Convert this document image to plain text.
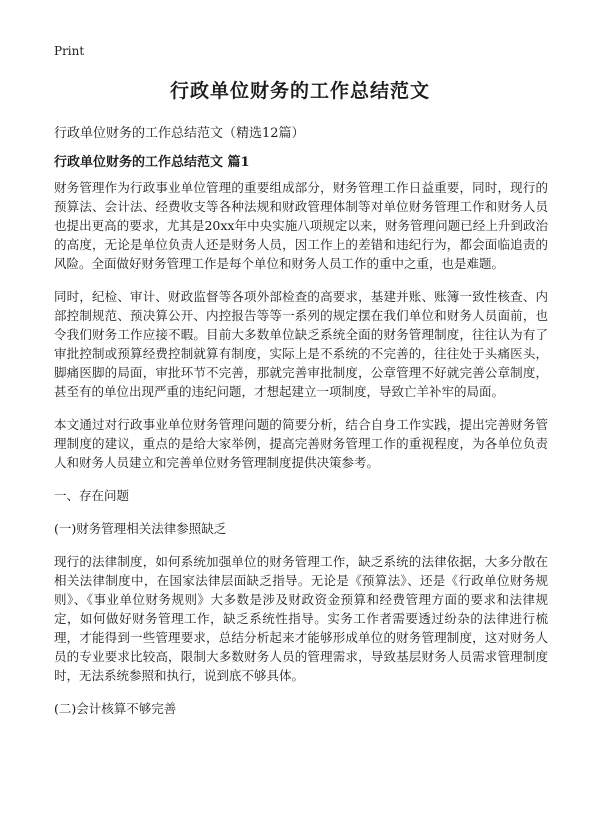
Print
行政单位财务的工作总结范文

行政单位财务的工作总结范文（精选12篇）

行政单位财务的工作总结范文 篇1

财务管理作为行政事业单位管理的重要组成部分，财务管理工作日益重要，同时，现行的预算法、会计法、经费收支等各种法规和财政管理体制等对单位财务管理工作和财务人员也提出更高的要求，尤其是20xx年中央实施八项规定以来，财务管理问题已经上升到政治的高度，无论是单位负责人还是财务人员，因工作上的差错和违纪行为，都会面临追责的风险。全面做好财务管理工作是每个单位和财务人员工作的重中之重，也是难题。

同时，纪检、审计、财政监督等各项外部检查的高要求，基建并账、账簿一致性核查、内部控制规范、预决算公开、内控报告等等一系列的规定摆在我们单位和财务人员面前，也令我们财务工作应接不暇。目前大多数单位缺乏系统全面的财务管理制度，往往认为有了审批控制或预算经费控制就算有制度，实际上是不系统的不完善的，往往处于头痛医头，脚痛医脚的局面，审批环节不完善，那就完善审批制度，公章管理不好就完善公章制度，甚至有的单位出现严重的违纪问题，才想起建立一项制度，导致亡羊补牢的局面。

本文通过对行政事业单位财务管理问题的简要分析，结合自身工作实践，提出完善财务管理制度的建议，重点的是给大家举例，提高完善财务管理工作的重视程度，为各单位负责人和财务人员建立和完善单位财务管理制度提供决策参考。

一、存在问题

(一)财务管理相关法律参照缺乏

现行的法律制度，如何系统加强单位的财务管理工作，缺乏系统的法律依据，大多分散在相关法律制度中，在国家法律层面缺乏指导。无论是《预算法》、还是《行政单位财务规则》、《事业单位财务规则》大多数是涉及财政资金预算和经费管理方面的要求和法律规定，如何做好财务管理工作，缺乏系统性指导。实务工作者需要透过纷杂的法律进行梳理，才能得到一些管理要求，总结分析起来才能够形成单位的财务管理制度，这对财务人员的专业要求比较高，限制大多数财务人员的管理需求，导致基层财务人员需求管理制度时，无法系统参照和执行，说到底不够具体。

(二)会计核算不够完善
